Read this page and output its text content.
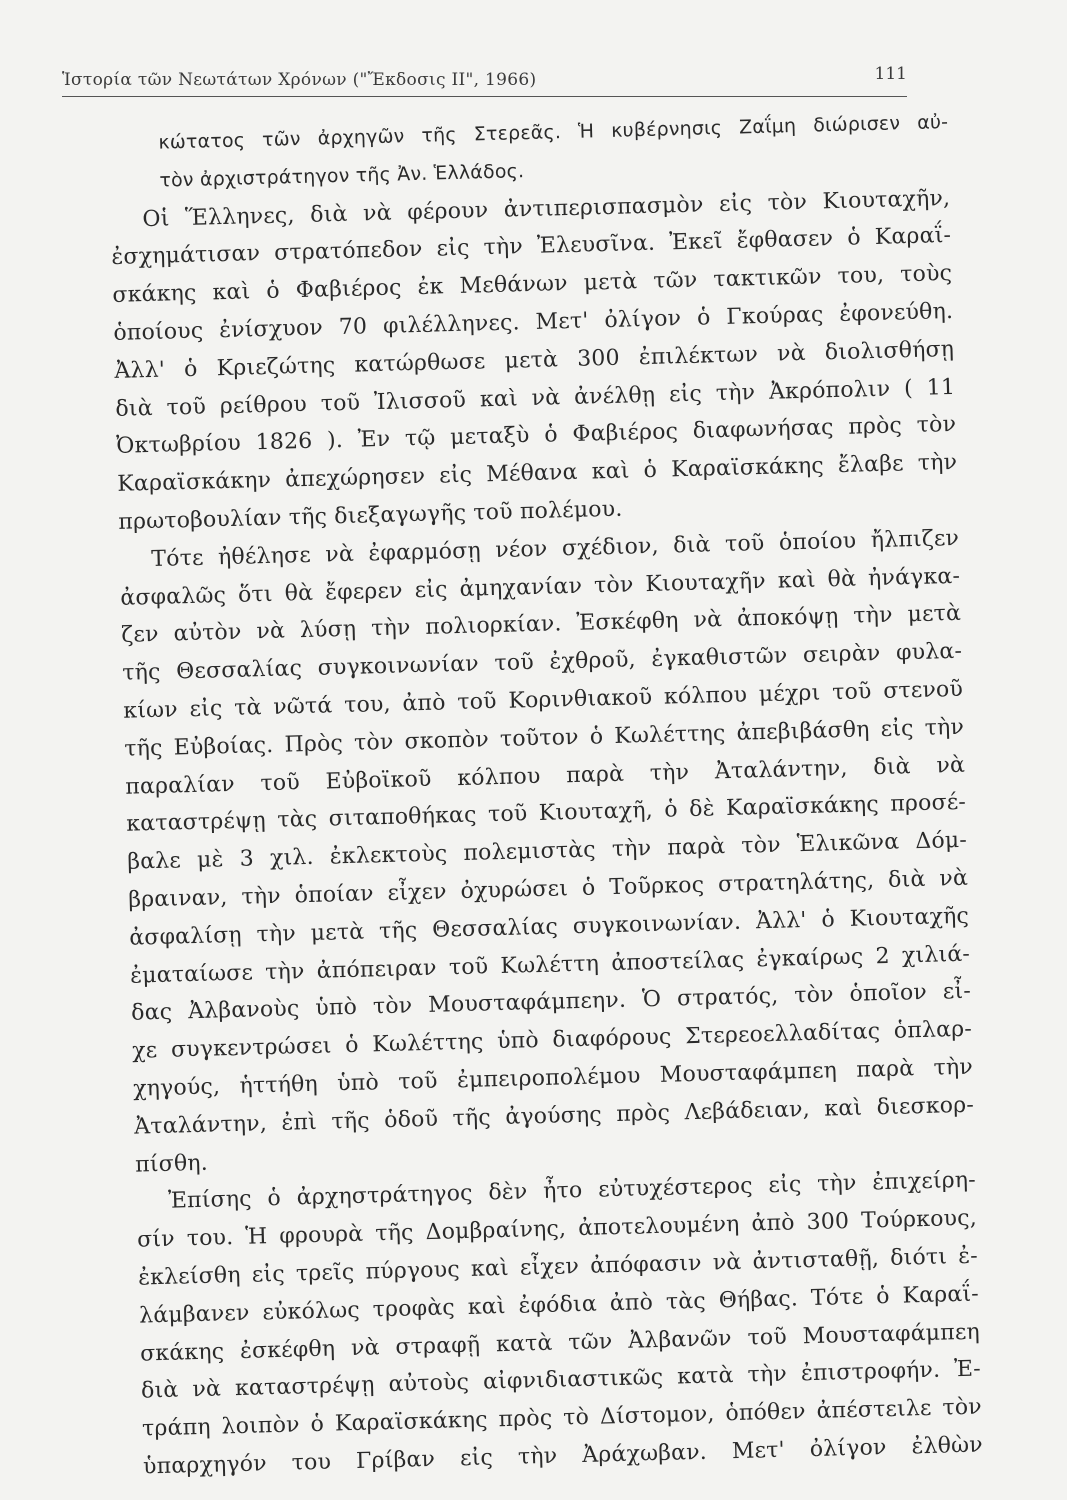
Ἱστορία τῶν Νεωτάτων Χρόνων ("Ἔκδοσις ΙΙ", 1966)	111
κώτατος τῶν ἀρχηγῶν τῆς Στερεᾶς. Ἡ κυβέρνησις Ζαΐμη διώρισεν αὐ-
τὸν ἀρχιστράτηγον τῆς Ἀν. Ἑλλάδος.
Οἱ Ἕλληνες, διὰ νὰ φέρουν ἀντιπερισπασμὸν εἰς τὸν Κιουταχῆν,
ἐσχημάτισαν στρατόπεδον εἰς τὴν Ἐλευσῖνα. Ἐκεῖ ἔφθασεν ὁ Καραΐ-
σκάκης καὶ ὁ Φαβιέρος ἐκ Μεθάνων μετὰ τῶν τακτικῶν του, τοὺς
ὁποίους ἐνίσχυον 70 φιλέλληνες. Μετ' ὀλίγον ὁ Γκούρας ἐφονεύθη.
Ἀλλ' ὁ Κριεζώτης κατώρθωσε μετὰ 300 ἐπιλέκτων νὰ διολισθήσῃ
διὰ τοῦ ρείθρου τοῦ Ἰλισσοῦ καὶ νὰ ἀνέλθῃ εἰς τὴν Ἀκρόπολιν ( 11
Ὀκτωβρίου 1826 ). Ἐν τῷ μεταξὺ ὁ Φαβιέρος διαφωνήσας πρὸς τὸν
Καραϊσκάκην ἀπεχώρησεν εἰς Μέθανα καὶ ὁ Καραϊσκάκης ἔλαβε τὴν
πρωτοβουλίαν τῆς διεξαγωγῆς τοῦ πολέμου.
Τότε ἠθέλησε νὰ ἐφαρμόσῃ νέον σχέδιον, διὰ τοῦ ὁποίου ἤλπιζεν
ἀσφαλῶς ὅτι θὰ ἔφερεν εἰς ἀμηχανίαν τὸν Κιουταχῆν καὶ θὰ ἠνάγκα-
ζεν αὐτὸν νὰ λύσῃ τὴν πολιορκίαν. Ἐσκέφθη νὰ ἀποκόψῃ τὴν μετὰ
τῆς Θεσσαλίας συγκοινωνίαν τοῦ ἐχθροῦ, ἐγκαθιστῶν σειρὰν φυλα-
κίων εἰς τὰ νῶτά του, ἀπὸ τοῦ Κορινθιακοῦ κόλπου μέχρι τοῦ στενοῦ
τῆς Εὐβοίας. Πρὸς τὸν σκοπὸν τοῦτον ὁ Κωλέττης ἀπεβιβάσθη εἰς τὴν
παραλίαν τοῦ Εὐβοϊκοῦ κόλπου παρὰ τὴν Ἀταλάντην, διὰ νὰ
καταστρέψῃ τὰς σιταποθήκας τοῦ Κιουταχῆ, ὁ δὲ Καραϊσκάκης προσέ-
βαλε μὲ 3 χιλ. ἐκλεκτοὺς πολεμιστὰς τὴν παρὰ τὸν Ἑλικῶνα Δόμ-
βραιναν, τὴν ὁποίαν εἶχεν ὀχυρώσει ὁ Τοῦρκος στρατηλάτης, διὰ νὰ
ἀσφαλίσῃ τὴν μετὰ τῆς Θεσσαλίας συγκοινωνίαν. Ἀλλ' ὁ Κιουταχῆς
ἐματαίωσε τὴν ἀπόπειραν τοῦ Κωλέττη ἀποστείλας ἐγκαίρως 2 χιλιά-
δας Ἀλβανοὺς ὑπὸ τὸν Μουσταφάμπεην. Ὁ στρατός, τὸν ὁποῖον εἶ-
χε συγκεντρώσει ὁ Κωλέττης ὑπὸ διαφόρους Στερεοελλαδίτας ὁπλαρ-
χηγούς, ἡττήθη ὑπὸ τοῦ ἐμπειροπολέμου Μουσταφάμπεη παρὰ τὴν
Ἀταλάντην, ἐπὶ τῆς ὁδοῦ τῆς ἀγούσης πρὸς Λεβάδειαν, καὶ διεσκορ-
πίσθη.
Ἐπίσης ὁ ἀρχηστράτηγος δὲν ἦτο εὐτυχέστερος εἰς τὴν ἐπιχείρη-
σίν του. Ἡ φρουρὰ τῆς Δομβραίνης, ἀποτελουμένη ἀπὸ 300 Τούρκους,
ἐκλείσθη εἰς τρεῖς πύργους καὶ εἶχεν ἀπόφασιν νὰ ἀντισταθῇ, διότι ἐ-
λάμβανεν εὐκόλως τροφὰς καὶ ἐφόδια ἀπὸ τὰς Θήβας. Τότε ὁ Καραΐ-
σκάκης ἐσκέφθη νὰ στραφῇ κατὰ τῶν Ἀλβανῶν τοῦ Μουσταφάμπεη
διὰ νὰ καταστρέψῃ αὐτοὺς αἰφνιδιαστικῶς κατὰ τὴν ἐπιστροφήν. Ἐ-
τράπη λοιπὸν ὁ Καραϊσκάκης πρὸς τὸ Δίστομον, ὁπόθεν ἀπέστειλε τὸν
ὑπαρχηγόν του Γρίβαν εἰς τὴν Ἀράχωβαν. Μετ' ὀλίγον ἐλθὼν
